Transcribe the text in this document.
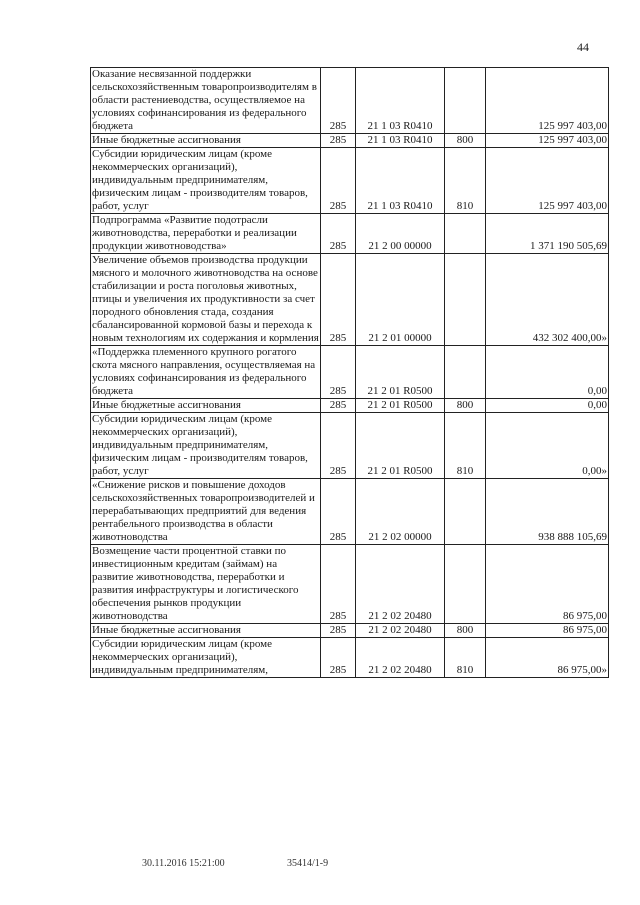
44
Оказание несвязанной поддержки сельскохозяйственным товаропроизводителям в области растениеводства, осуществляемое на условиях софинансирования из федерального бюджета	285	21 1 03 R0410		125 997 403,00
Иные бюджетные ассигнования	285	21 1 03 R0410	800	125 997 403,00
Субсидии юридическим лицам (кроме некоммерческих организаций), индивидуальным предпринимателям, физическим лицам - производителям товаров, работ, услуг	285	21 1 03 R0410	810	125 997 403,00
Подпрограмма «Развитие подотрасли животноводства, переработки и реализации продукции животноводства»	285	21 2 00 00000		1 371 190 505,69
Увеличение объемов производства продукции мясного и молочного животноводства на основе стабилизации и роста поголовья животных, птицы и увеличения их продуктивности за счет породного обновления стада, создания сбалансированной кормовой базы и перехода к новым технологиям их содержания и кормления	285	21 2 01 00000		432 302 400,00»
«Поддержка племенного крупного рогатого скота мясного направления, осуществляемая на условиях софинансирования из федерального бюджета	285	21 2 01 R0500		0,00
Иные бюджетные ассигнования	285	21 2 01 R0500	800	0,00
Субсидии юридическим лицам (кроме некоммерческих организаций), индивидуальным предпринимателям, физическим лицам - производителям товаров, работ, услуг	285	21 2 01 R0500	810	0,00»
«Снижение рисков и повышение доходов сельскохозяйственных товаропроизводителей и перерабатывающих предприятий для ведения рентабельного производства в области животноводства	285	21 2 02 00000		938 888 105,69
Возмещение части процентной ставки по инвестиционным кредитам (займам) на развитие животноводства, переработки и развития инфраструктуры и логистического обеспечения рынков продукции животноводства	285	21 2 02 20480		86 975,00
Иные бюджетные ассигнования	285	21 2 02 20480	800	86 975,00
Субсидии юридическим лицам (кроме некоммерческих организаций), индивидуальным предпринимателям,	285	21 2 02 20480	810	86 975,00»
30.11.2016 15:21:00	35414/1-9
